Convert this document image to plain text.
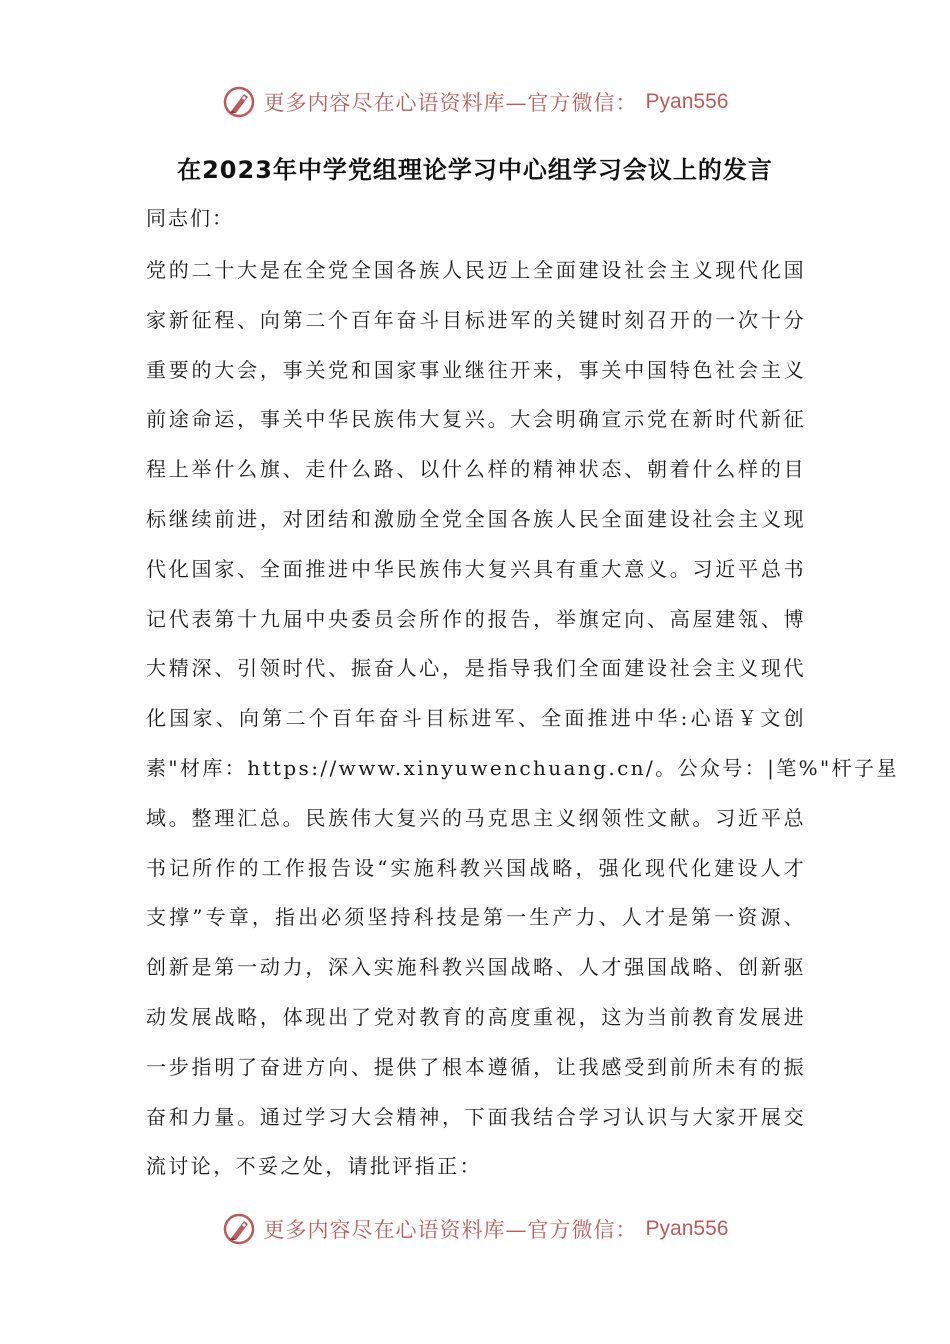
更多内容尽在心语资料库—官方微信： Pyan556
在2023年中学党组理论学习中心组学习会议上的发言
同志们：
党的二十大是在全党全国各族人民迈上全面建设社会主义现代化国
家新征程、向第二个百年奋斗目标进军的关键时刻召开的一次十分
重要的大会，事关党和国家事业继往开来，事关中国特色社会主义
前途命运，事关中华民族伟大复兴。大会明确宣示党在新时代新征
程上举什么旗、走什么路、以什么样的精神状态、朝着什么样的目
标继续前进，对团结和激励全党全国各族人民全面建设社会主义现
代化国家、全面推进中华民族伟大复兴具有重大意义。习近平总书
记代表第十九届中央委员会所作的报告，举旗定向、高屋建瓴、博
大精深、引领时代、振奋人心，是指导我们全面建设社会主义现代
化国家、向第二个百年奋斗目标进军、全面推进中华:心语￥文创
素"材库：https://www.xinyuwenchuang.cn/。公众号：|笔%"杆子星
域。整理汇总。民族伟大复兴的马克思主义纲领性文献。习近平总
书记所作的工作报告设“实施科教兴国战略，强化现代化建设人才
支撑”专章，指出必须坚持科技是第一生产力、人才是第一资源、
创新是第一动力，深入实施科教兴国战略、人才强国战略、创新驱
动发展战略，体现出了党对教育的高度重视，这为当前教育发展进
一步指明了奋进方向、提供了根本遵循，让我感受到前所未有的振
奋和力量。通过学习大会精神，下面我结合学习认识与大家开展交
流讨论，不妥之处，请批评指正：
更多内容尽在心语资料库—官方微信： Pyan556
